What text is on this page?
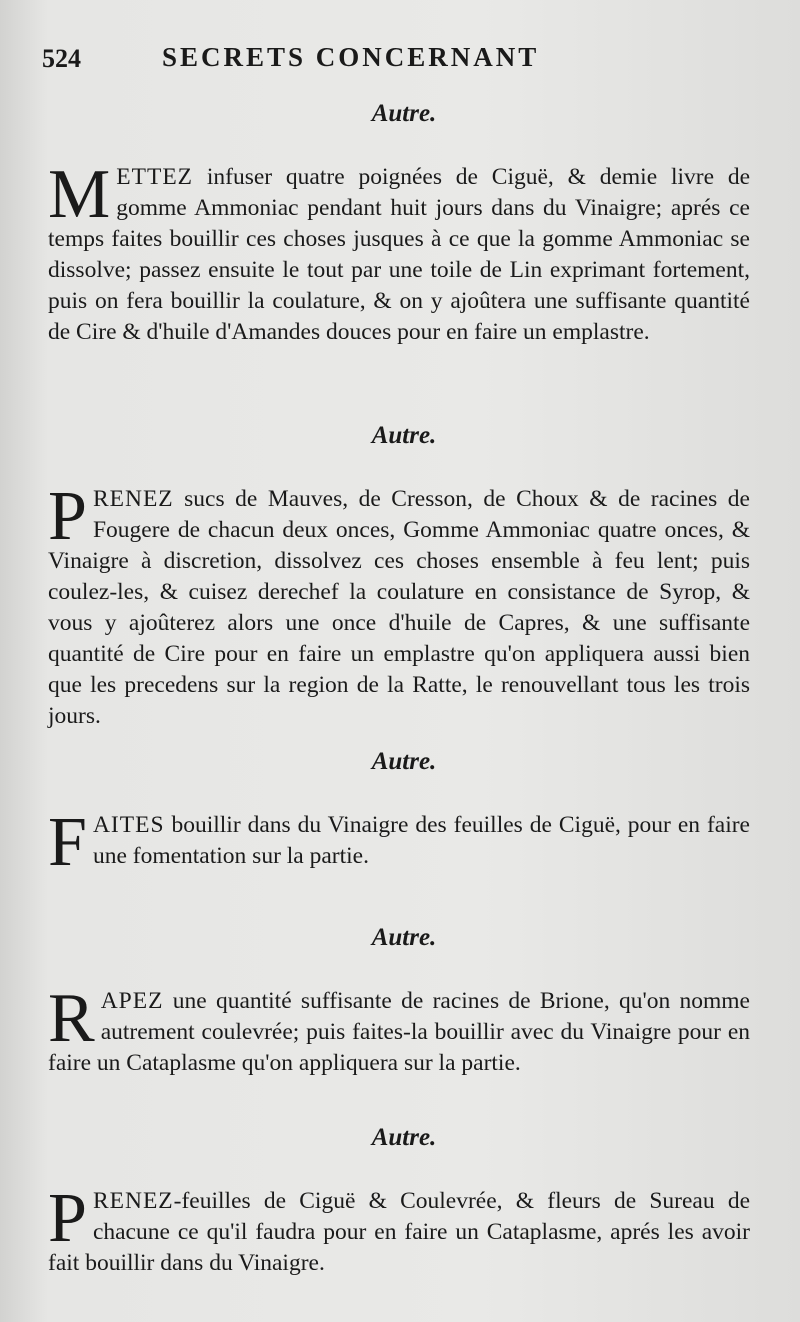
524	SECRETS CONCERNANT
Autre.

METTEZ infuser quatre poignées de Ciguë, & demie livre de gomme Ammoniac pendant huit jours dans du Vinaigre; aprés ce temps faites bouillir ces choses jusques à ce que la gomme Ammoniac se dissolve; passez ensuite le tout par une toile de Lin exprimant fortement, puis on fera bouillir la coulature, & on y ajoûtera une suffisante quantité de Cire & d'huile d'Amandes douces pour en faire un emplastre.

Autre.

PRENEZ sucs de Mauves, de Cresson, de Choux & de racines de Fougere de chacun deux onces, Gomme Ammoniac quatre onces, & Vinaigre à discretion, dissolvez ces choses ensemble à feu lent; puis coulez-les, & cuisez derechef la coulature en consistance de Syrop, & vous y ajoûterez alors une once d'huile de Capres, & une suffisante quantité de Cire pour en faire un emplastre qu'on appliquera aussi bien que les precedens sur la region de la Ratte, le renouvellant tous les trois jours.

Autre.

FAITES bouillir dans du Vinaigre des feuilles de Ciguë, pour en faire une fomentation sur la partie.

Autre.

RAPEZ une quantité suffisante de racines de Brione, qu'on nomme autrement coulevrée; puis faites-la bouillir avec du Vinaigre pour en faire un Cataplasme qu'on appliquera sur la partie.

Autre.

PRENEZ-feuilles de Ciguë & Coulevrée, & fleurs de Sureau de chacune ce qu'il faudra pour en faire un Cataplasme, aprés les avoir fait bouillir dans du Vinaigre.
